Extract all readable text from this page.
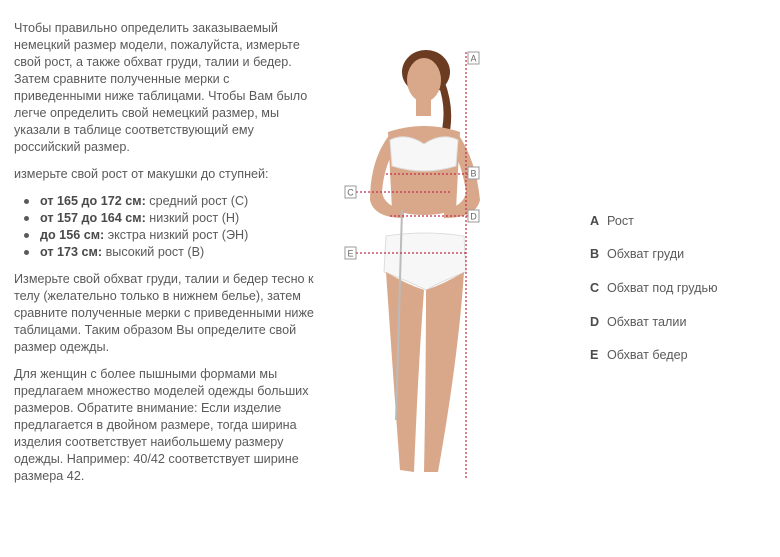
Чтобы правильно определить заказываемый немецкий размер модели, пожалуйста, измерьте свой рост, а также обхват груди, талии и бедер. Затем сравните полученные мерки с приведенными ниже таблицами. Чтобы Вам было легче определить свой немецкий размер, мы указали в таблице соответствующий ему российский размер.

измерьте свой рост от макушки до ступней:

от 165 до 172 см: средний рост (С)
от 157 до 164 см: низкий рост (Н)
до 156 см: экстра низкий рост (ЭН)
от 173 см: высокий рост (В)

Измерьте свой обхват груди, талии и бедер тесно к телу (желательно только в нижнем белье), затем сравните полученные мерки с приведенными ниже таблицами. Таким образом Вы определите свой размер одежды.

Для женщин с более пышными формами мы предлагаем множество моделей одежды больших размеров. Обратите внимание: Если изделие предлагается в двойном размере, тогда ширина изделия соответствует наибольшему размеру одежды. Например: 40/42 соответствует ширине размера 42.

A
B
C
D
E
A Рост
B Обхват груди
C Обхват под грудью
D Обхват талии
E Обхват бедер
